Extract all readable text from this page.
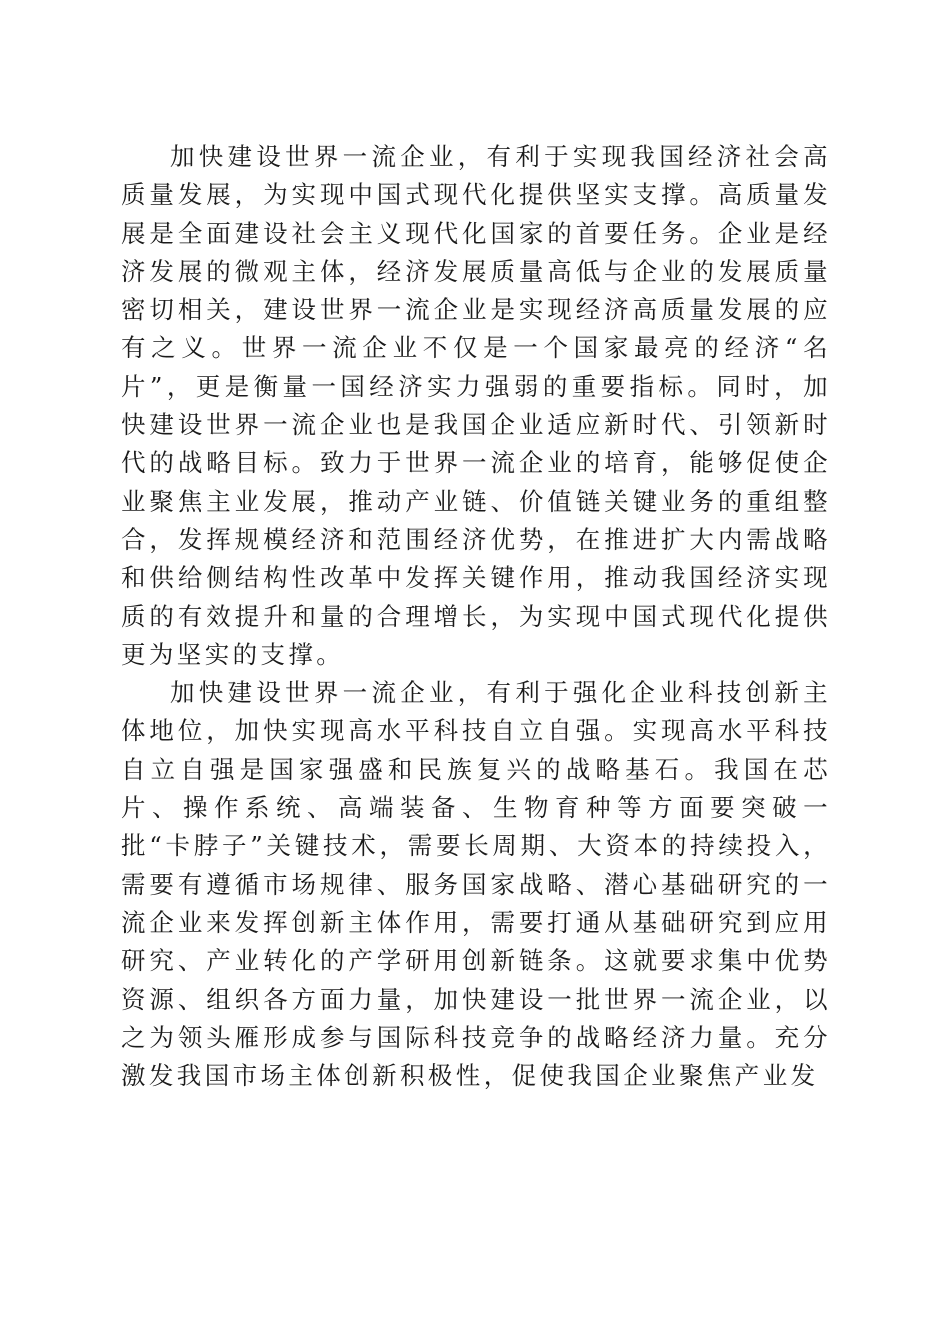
加快建设世界一流企业，有利于实现我国经济社会高质量发展，为实现中国式现代化提供坚实支撑。高质量发展是全面建设社会主义现代化国家的首要任务。企业是经济发展的微观主体，经济发展质量高低与企业的发展质量密切相关，建设世界一流企业是实现经济高质量发展的应有之义。世界一流企业不仅是一个国家最亮的经济“名片”，更是衡量一国经济实力强弱的重要指标。同时，加快建设世界一流企业也是我国企业适应新时代、引领新时代的战略目标。致力于世界一流企业的培育，能够促使企业聚焦主业发展，推动产业链、价值链关键业务的重组整合，发挥规模经济和范围经济优势，在推进扩大内需战略和供给侧结构性改革中发挥关键作用，推动我国经济实现质的有效提升和量的合理增长，为实现中国式现代化提供更为坚实的支撑。

加快建设世界一流企业，有利于强化企业科技创新主体地位，加快实现高水平科技自立自强。实现高水平科技自立自强是国家强盛和民族复兴的战略基石。我国在芯片、操作系统、高端装备、生物育种等方面要突破一批“卡脖子”关键技术，需要长周期、大资本的持续投入，需要有遵循市场规律、服务国家战略、潜心基础研究的一流企业来发挥创新主体作用，需要打通从基础研究到应用研究、产业转化的产学研用创新链条。这就要求集中优势资源、组织各方面力量，加快建设一批世界一流企业，以之为领头雁形成参与国际科技竞争的战略经济力量。充分激发我国市场主体创新积极性，促使我国企业聚焦产业发
